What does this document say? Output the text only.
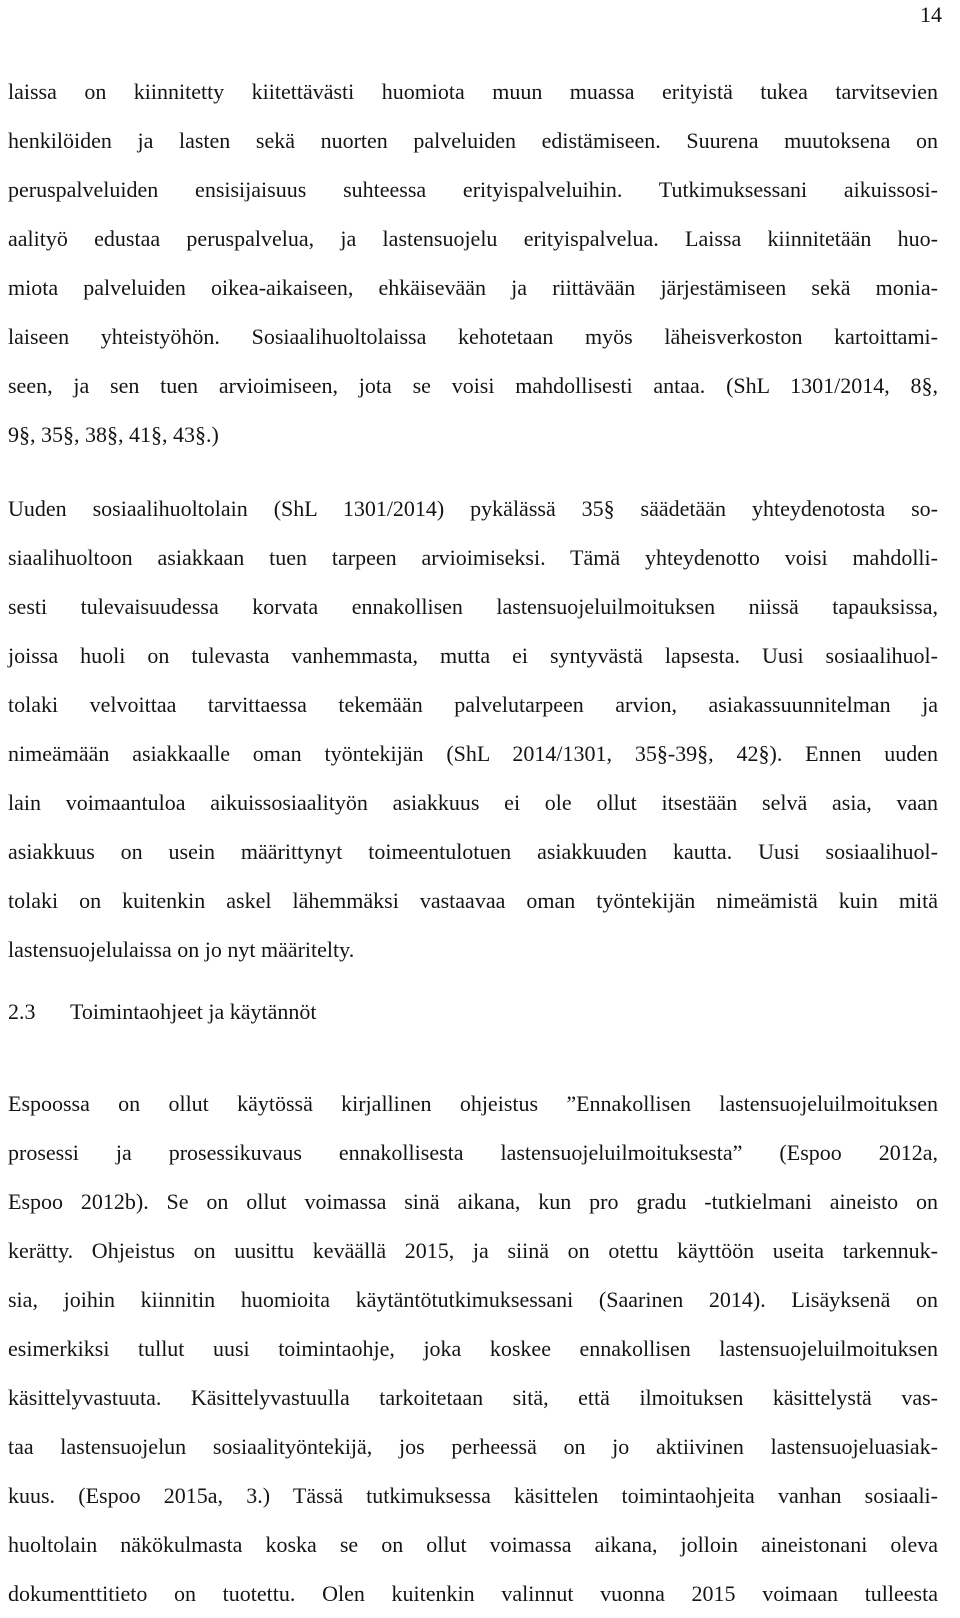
14
laissa on kiinnitetty kiitettävästi huomiota muun muassa erityistä tukea tarvitsevien
henkilöiden ja lasten sekä nuorten palveluiden edistämiseen. Suurena muutoksena on
peruspalveluiden ensisijaisuus suhteessa erityispalveluihin. Tutkimuksessani aikuissosi-
aalityö edustaa peruspalvelua, ja lastensuojelu erityispalvelua. Laissa kiinnitetään huo-
miota palveluiden oikea-aikaiseen, ehkäisevään ja riittävään järjestämiseen sekä monia-
laiseen yhteistyöhön. Sosiaalihuoltolaissa kehotetaan myös läheisverkoston kartoittami-
seen, ja sen tuen arvioimiseen, jota se voisi mahdollisesti antaa. (ShL 1301/2014, 8§,
9§, 35§, 38§, 41§, 43§.)
Uuden sosiaalihuoltolain (ShL 1301/2014) pykälässä 35§ säädetään yhteydenotosta so-
siaalihuoltoon asiakkaan tuen tarpeen arvioimiseksi. Tämä yhteydenotto voisi mahdolli-
sesti tulevaisuudessa korvata ennakollisen lastensuojeluilmoituksen niissä tapauksissa,
joissa huoli on tulevasta vanhemmasta, mutta ei syntyvästä lapsesta. Uusi sosiaalihuol-
tolaki velvoittaa tarvittaessa tekemään palvelutarpeen arvion, asiakassuunnitelman ja
nimeämään asiakkaalle oman työntekijän (ShL 2014/1301, 35§-39§, 42§). Ennen uuden
lain voimaantuloa aikuissosiaalityön asiakkuus ei ole ollut itsestään selvä asia, vaan
asiakkuus on usein määrittynyt toimeentulotuen asiakkuuden kautta. Uusi sosiaalihuol-
tolaki on kuitenkin askel lähemmäksi vastaavaa oman työntekijän nimeämistä kuin mitä
lastensuojelulaissa on jo nyt määritelty.
2.3 Toimintaohjeet ja käytännöt
Espoossa on ollut käytössä kirjallinen ohjeistus ”Ennakollisen lastensuojeluilmoituksen
prosessi ja prosessikuvaus ennakollisesta lastensuojeluilmoituksesta” (Espoo 2012a,
Espoo 2012b). Se on ollut voimassa sinä aikana, kun pro gradu -tutkielmani aineisto on
kerätty. Ohjeistus on uusittu keväällä 2015, ja siinä on otettu käyttöön useita tarkennuk-
sia, joihin kiinnitin huomioita käytäntötutkimuksessani (Saarinen 2014). Lisäyksenä on
esimerkiksi tullut uusi toimintaohje, joka koskee ennakollisen lastensuojeluilmoituksen
käsittelyvastuuta. Käsittelyvastuulla tarkoitetaan sitä, että ilmoituksen käsittelystä vas-
taa lastensuojelun sosiaalityöntekijä, jos perheessä on jo aktiivinen lastensuojeluasiak-
kuus. (Espoo 2015a, 3.) Tässä tutkimuksessa käsittelen toimintaohjeita vanhan sosiaali-
huoltolain näkökulmasta koska se on ollut voimassa aikana, jolloin aineistonani oleva
dokumenttitieto on tuotettu. Olen kuitenkin valinnut vuonna 2015 voimaan tulleesta
